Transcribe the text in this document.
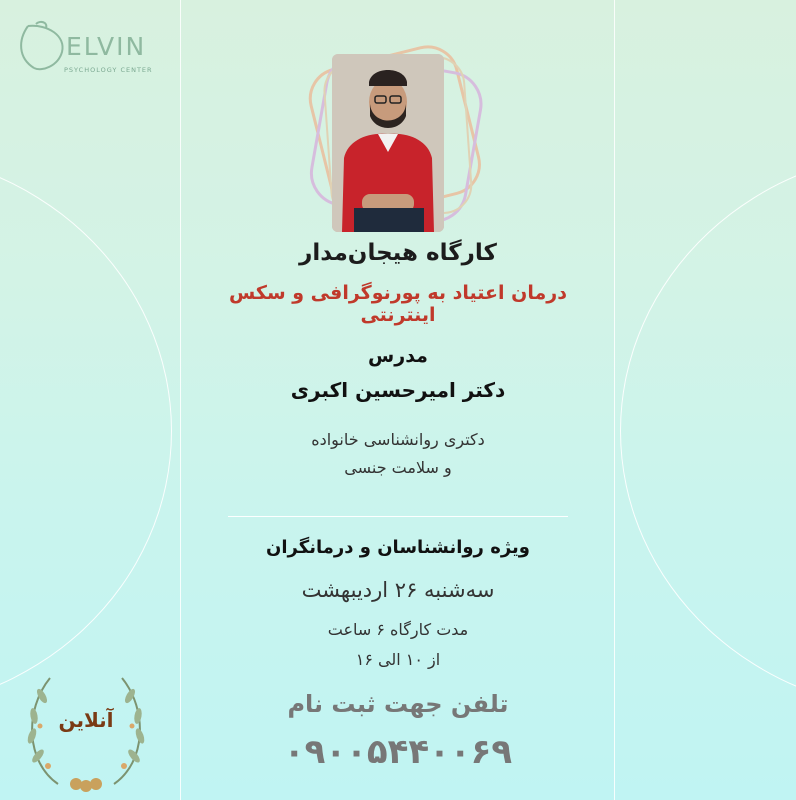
ELVIN
PSYCHOLOGY CENTER
کارگاه هیجان‌مدار
درمان اعتیاد به پورنوگرافی و سکس اینترنتی
مدرس
دکتر امیرحسین اکبری
دکتری روانشناسی خانواده
و سلامت جنسی
ویژه روانشناسان و درمانگران
سه‌شنبه ۲۶ اردیبهشت
مدت کارگاه ۶ ساعت
از ۱۰ الی ۱۶
تلفن جهت ثبت نام
۰۹۰۰۵۴۴۰۰۶۹
آنلاین
